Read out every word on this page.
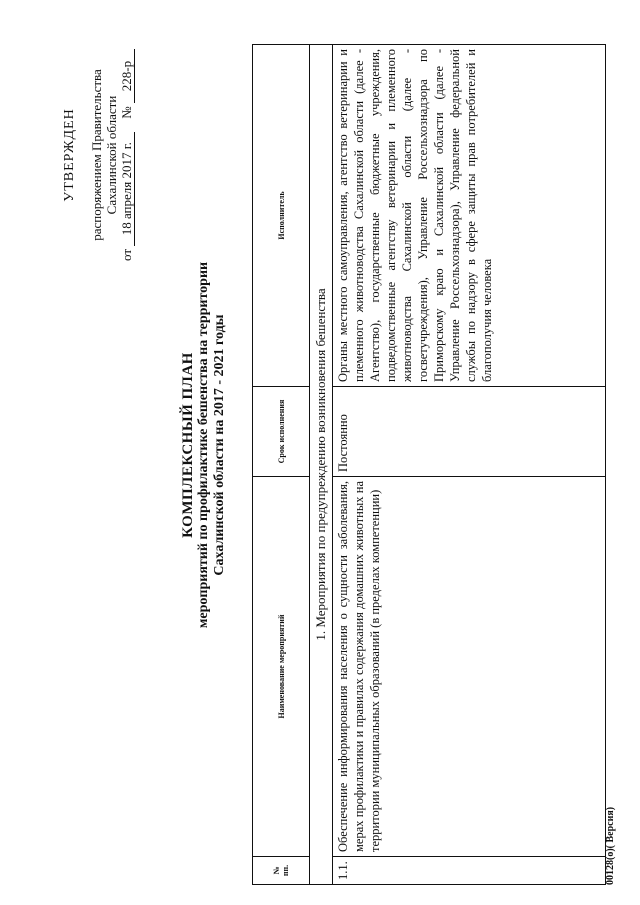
УТВЕРЖДЕН распоряжением Правительства Сахалинской области
от 18 апреля 2017 г.    № 228-р
КОМПЛЕКСНЫЙ ПЛАН мероприятий по профилактике бешенства на территории Сахалинской области на 2017 - 2021 годы
№ пп.	Наименование мероприятий	Срок исполнения	Исполнитель
1. Мероприятия по предупреждению возникновения бешенства			
1.1.	Обеспечение информирования населения о сущности заболевания, мерах профилактики и правилах содержания домашних животных на территории муниципальных образований (в пределах компетенции)	Постоянно	Органы местного самоуправления, агентство ветеринарии и племенного животноводства Сахалинской области (далее - Агентство), государственные бюджетные учреждения, подведомственные агентству ветеринарии и племенного животноводства Сахалинской области (далее - госветучреждения), Управление Россельхознадзора по Приморскому краю и Сахалинской области (далее - Управление Россельхознадзора), Управление федеральной службы по надзору в сфере защиты прав потребителей и благополучия человека
00128(о)( Версия)
